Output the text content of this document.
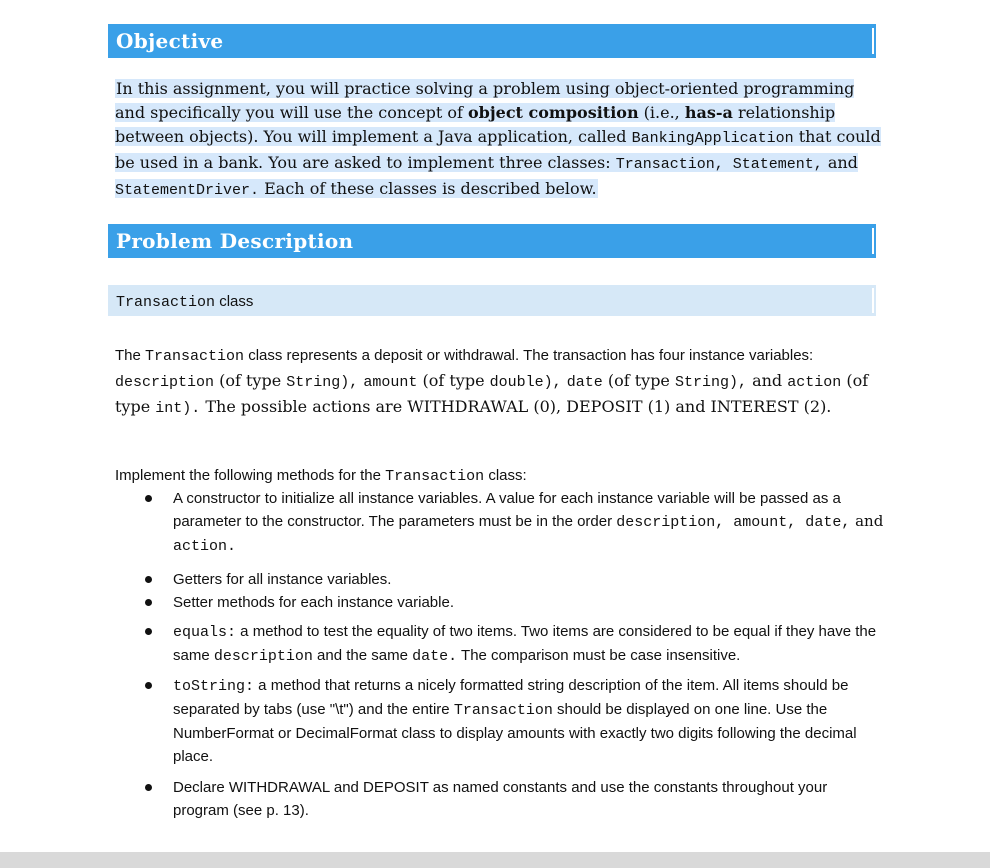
Objective
In this assignment, you will practice solving a problem using object-oriented programming and specifically you will use the concept of object composition (i.e., has-a relationship between objects). You will implement a Java application, called BankingApplication that could be used in a bank. You are asked to implement three classes: Transaction, Statement, and StatementDriver. Each of these classes is described below.
Problem Description
Transaction class
The Transaction class represents a deposit or withdrawal. The transaction has four instance variables: description (of type String), amount (of type double), date (of type String), and action (of type int). The possible actions are WITHDRAWAL (0), DEPOSIT (1) and INTEREST (2).
Implement the following methods for the Transaction class:
A constructor to initialize all instance variables. A value for each instance variable will be passed as a parameter to the constructor. The parameters must be in the order description, amount, date, and action.
Getters for all instance variables.
Setter methods for each instance variable.
equals: a method to test the equality of two items. Two items are considered to be equal if they have the same description and the same date. The comparison must be case insensitive.
toString: a method that returns a nicely formatted string description of the item. All items should be separated by tabs (use "\t") and the entire Transaction should be displayed on one line. Use the NumberFormat or DecimalFormat class to display amounts with exactly two digits following the decimal place.
Declare WITHDRAWAL and DEPOSIT as named constants and use the constants throughout your program (see p. 13).
